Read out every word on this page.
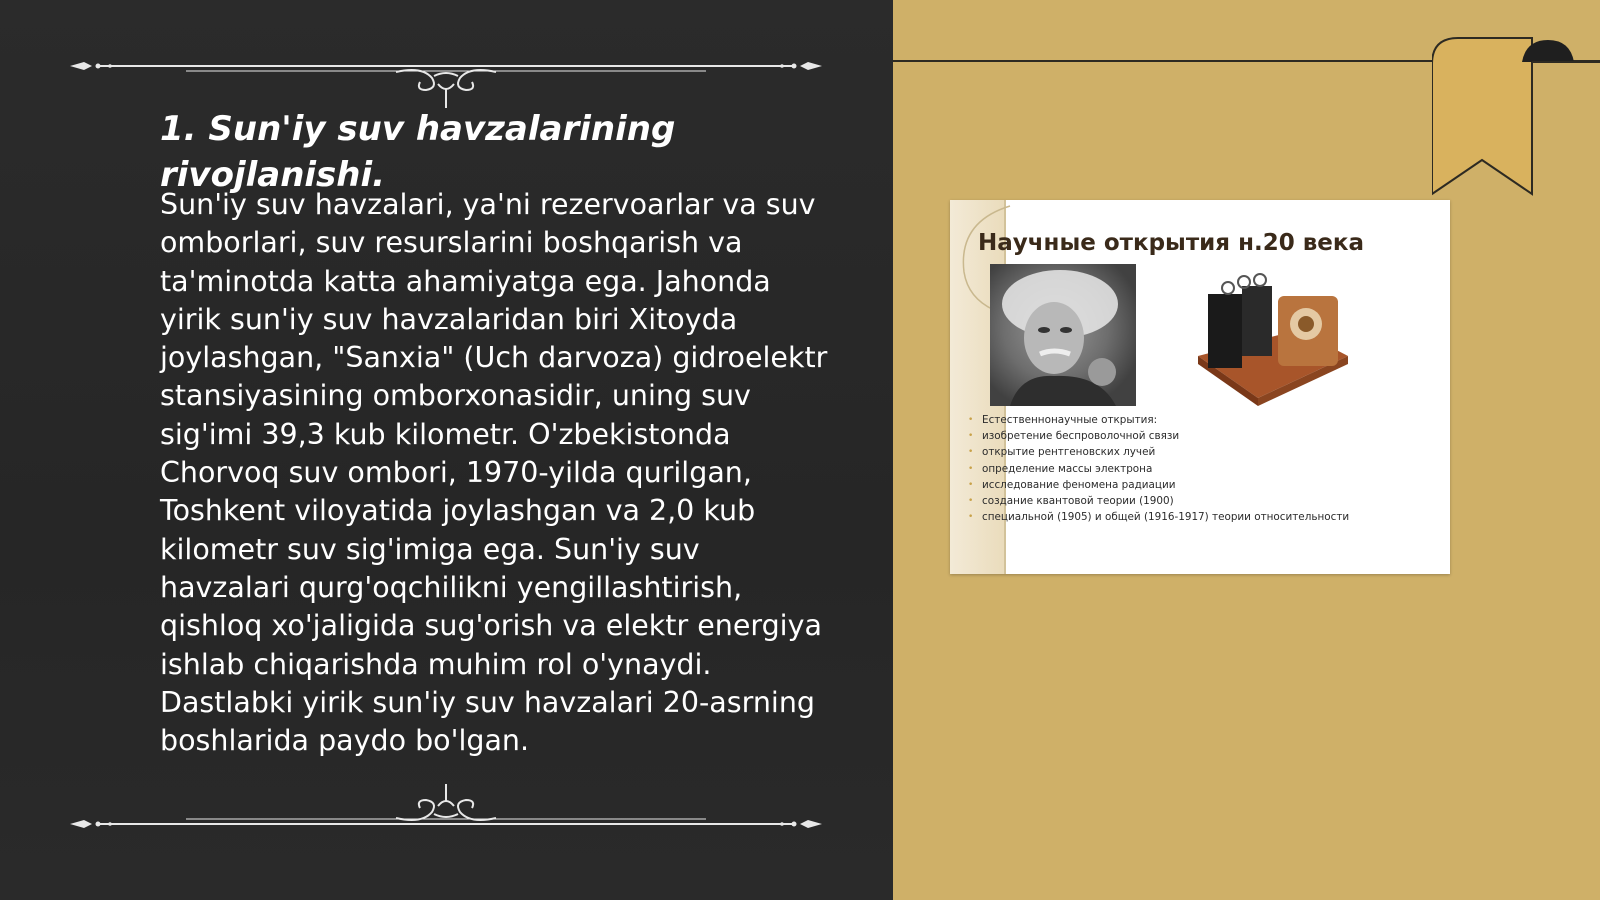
1. Sun'iy suv havzalarining rivojlanishi.

Sun'iy suv havzalari, ya'ni rezervoarlar va suv omborlari, suv resurslarini boshqarish va ta'minotda katta ahamiyatga ega. Jahonda yirik sun'iy suv havzalaridan biri Xitoyda joylashgan, "Sanxia" (Uch darvoza) gidroelektr stansiyasining omborxonasidir, uning suv sig'imi 39,3 kub kilometr. O'zbekistonda Chorvoq suv ombori, 1970-yilda qurilgan, Toshkent viloyatida joylashgan va 2,0 kub kilometr suv sig'imiga ega. Sun'iy suv havzalari qurg'oqchilikni yengillashtirish, qishloq xo'jaligida sug'orish va elektr energiya ishlab chiqarishda muhim rol o'ynaydi. Dastlabki yirik sun'iy suv havzalari 20-asrning boshlarida paydo bo'lgan.

Научные открытия н.20 века
• Естественнонаучные открытия:
• изобретение беспроволочной связи
• открытие рентгеновских лучей
• определение массы электрона
• исследование феномена радиации
• создание квантовой теории (1900)
• специальной (1905) и общей (1916-1917) теории относительности
